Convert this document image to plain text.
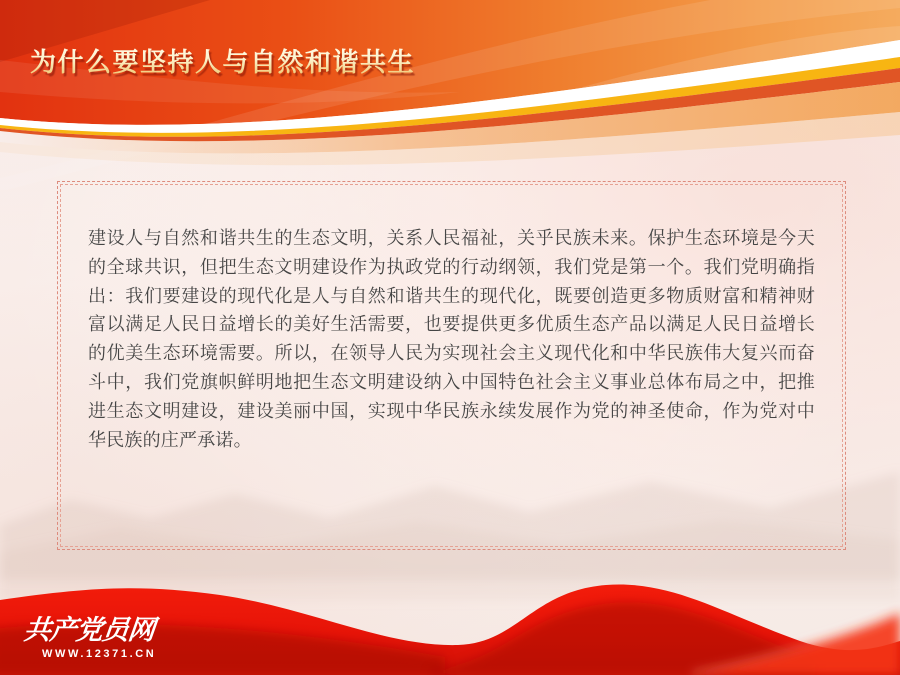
为什么要坚持人与自然和谐共生

建设人与自然和谐共生的生态文明，关系人民福祉，关乎民族未来。保护生态环境是今天的全球共识，但把生态文明建设作为执政党的行动纲领，我们党是第一个。我们党明确指出：我们要建设的现代化是人与自然和谐共生的现代化，既要创造更多物质财富和精神财富以满足人民日益增长的美好生活需要，也要提供更多优质生态产品以满足人民日益增长的优美生态环境需要。所以，在领导人民为实现社会主义现代化和中华民族伟大复兴而奋斗中，我们党旗帜鲜明地把生态文明建设纳入中国特色社会主义事业总体布局之中，把推进生态文明建设，建设美丽中国，实现中华民族永续发展作为党的神圣使命，作为党对中华民族的庄严承诺。

共产党员网
WWW.12371.CN
